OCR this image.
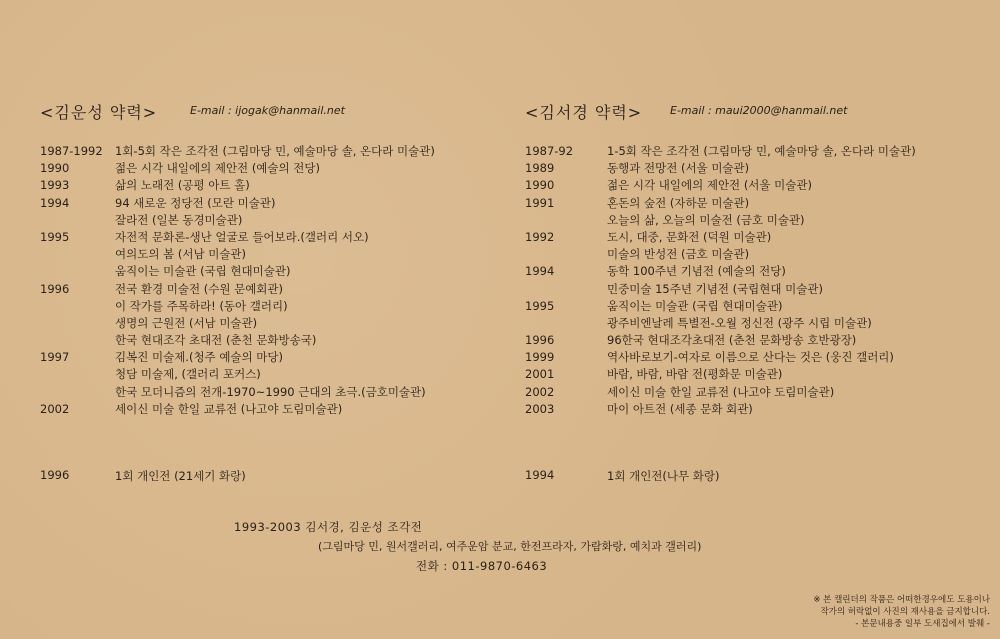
<김운성 약력>	E-mail : ijogak@hanmail.net
1987-1992	1회-5회 작은 조각전 (그림마당 민, 예술마당 솔, 온다라 미술관)
1990	젊은 시각 내일에의 제안전 (예술의 전당)
1993	삶의 노래전 (공평 아트 홀)
1994	94 새로운 정당전 (모란 미술관)
잘라전 (일본 동경미술관)
1995	자전적 문화론-생난 얼굴로 들어보라.(갤러리 서오)
여의도의 봄 (서남 미술관)
움직이는 미술관 (국립 현대미술관)
1996	전국 환경 미술전 (수원 문예회관)
이 작가를 주목하라! (동아 갤러리)
생명의 근원전 (서남 미술관)
한국 현대조각 초대전 (춘천 문화방송국)
1997	김복진 미술제.(청주 예술의 마당)
청담 미술제, (갤러리 포커스)
한국 모더니즘의 전개-1970~1990 근대의 초극.(금호미술관)
2002	세이신 미술 한일 교류전 (나고야 도림미술관)
1996	1회 개인전 (21세기 화랑)
<김서경 약력>	E-mail : maui2000@hanmail.net
1987-92	1-5회 작은 조각전 (그림마당 민, 예술마당 솔, 온다라 미술관)
1989	동행과 전망전 (서울 미술관)
1990	젊은 시각 내일에의 제안전 (서울 미술관)
1991	혼돈의 숲전 (자하문 미술관)
오늘의 삶, 오늘의 미술전 (금호 미술관)
1992	도시, 대중, 문화전 (덕원 미술관)
미술의 반성전 (금호 미술관)
1994	동학 100주년 기념전 (예술의 전당)
민중미술 15주년 기념전 (국립현대 미술관)
1995	움직이는 미술관 (국립 현대미술관)
광주비엔날레 특별전-오월 정신전 (광주 시립 미술관)
1996	96한국 현대조각초대전 (춘천 문화방송 호반광장)
1999	역사바로보기-여자로 이름으로 산다는 것은 (웅진 갤러리)
2001	바람, 바람, 바람 전(평화문 미술관)
2002	세이신 미술 한일 교류전 (나고야 도림미술관)
2003	마이 아트전 (세종 문화 회관)
1994	1회 개인전(나무 화랑)
1993-2003 김서경, 김운성 조각전
(그림마당 민, 원서갤러리, 여주운암 분교, 한전프라자, 가람화랑, 예치과 갤러리)
전화 : 011-9870-6463
※ 본 캘린더의 작품은 어떠한경우에도 도용이나
작가의 허락없이 사진의 재사용을 금지합니다.
- 본문내용중 일부 도새집에서 발췌 -
